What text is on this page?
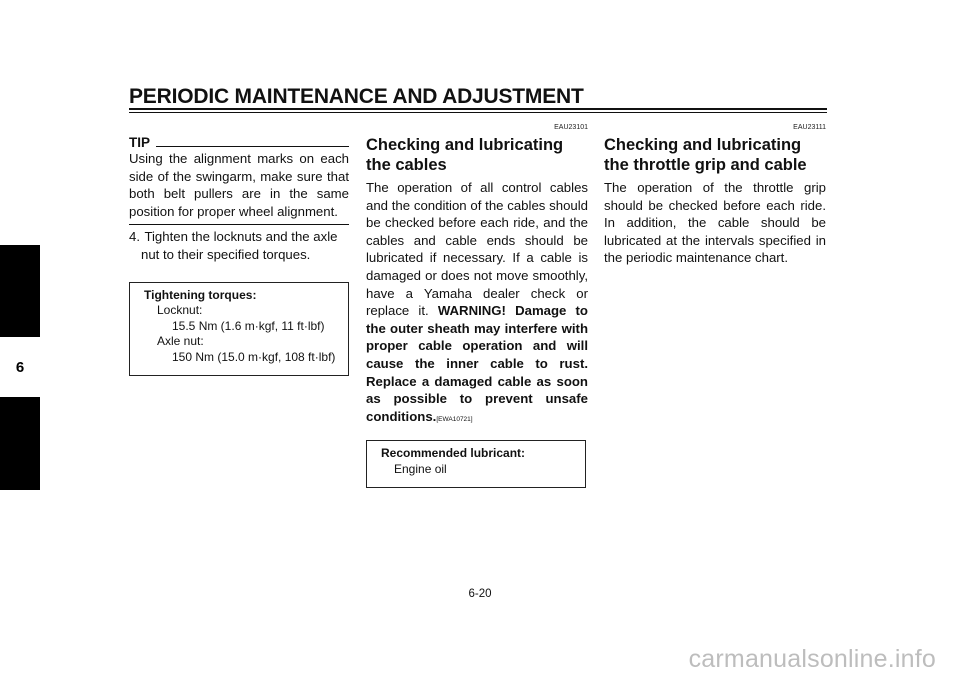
PERIODIC MAINTENANCE AND ADJUSTMENT
6
TIP

Using the alignment marks on each side of the swingarm, make sure that both belt pullers are in the same position for proper wheel alignment.

4. Tighten the locknuts and the axle nut to their specified torques.
Tightening torques:
Locknut:
15.5 Nm (1.6 m·kgf, 11 ft·lbf)
Axle nut:
150 Nm (15.0 m·kgf, 108 ft·lbf)
EAU23101
Checking and lubricating the cables

The operation of all control cables and the condition of the cables should be checked before each ride, and the cables and cable ends should be lubricated if necessary. If a cable is damaged or does not move smoothly, have a Yamaha dealer check or replace it. WARNING! Damage to the outer sheath may interfere with proper cable operation and will cause the inner cable to rust. Replace a damaged cable as soon as possible to prevent unsafe conditions.[EWA10721]

Recommended lubricant:
Engine oil
EAU23111
Checking and lubricating the throttle grip and cable

The operation of the throttle grip should be checked before each ride. In addition, the cable should be lubricated at the intervals specified in the periodic maintenance chart.

6-20
carmanualsonline.info
